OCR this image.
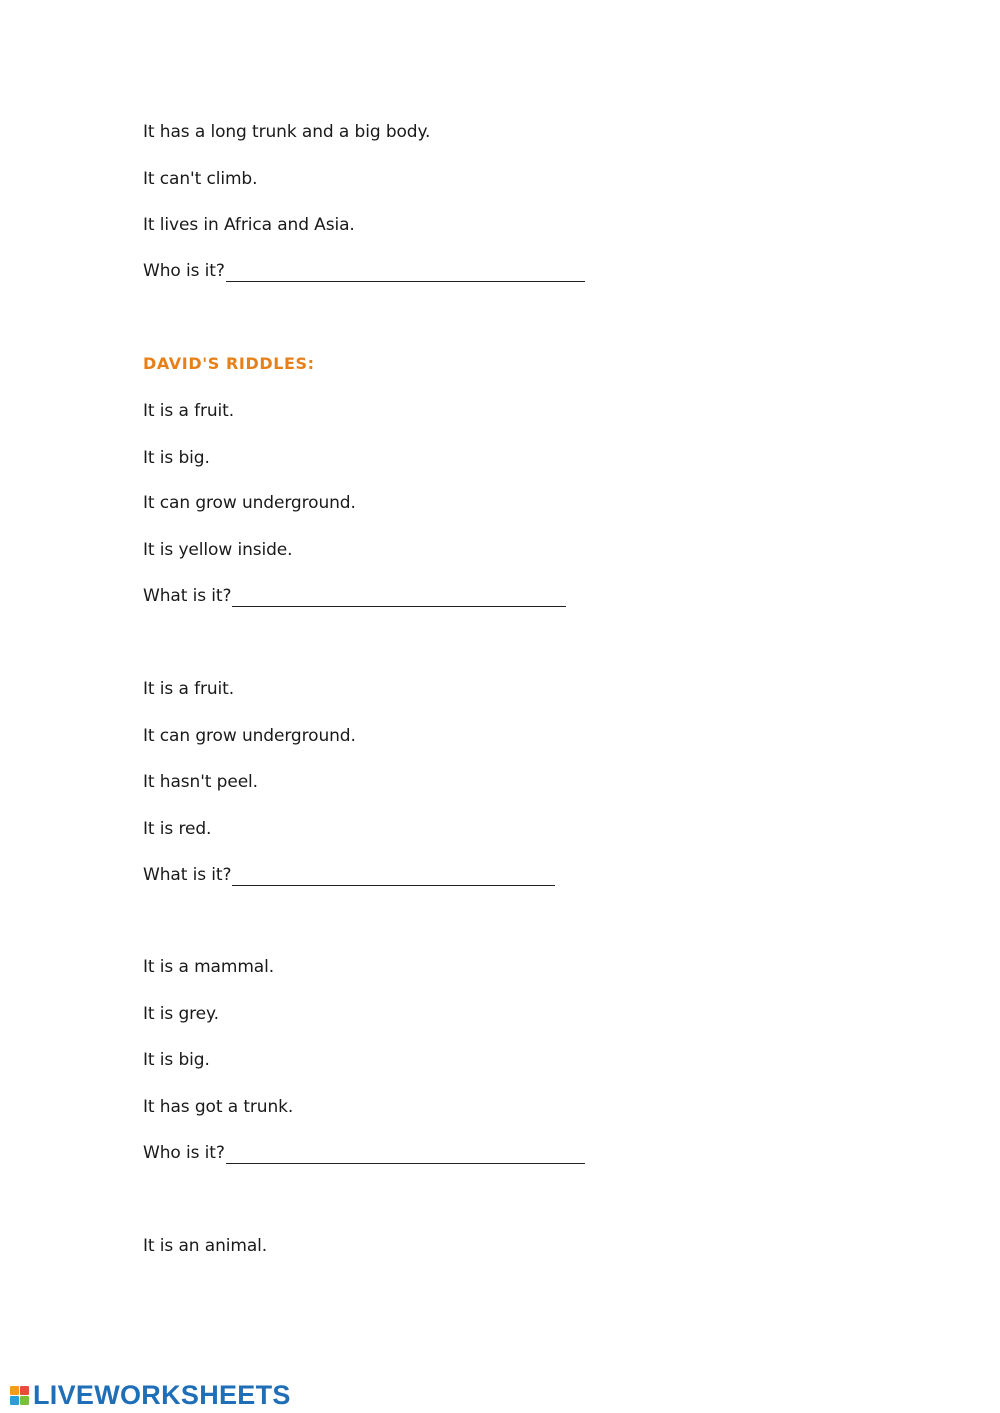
It has a long trunk and a big body.
It can't climb.
It lives in Africa and Asia.
Who is it?
DAVID'S RIDDLES:
It is a fruit.
It is big.
It can grow underground.
It is yellow inside.
What is it?
It is a fruit.
It can grow underground.
It hasn't peel.
It is red.
What is it?
It is a mammal.
It is grey.
It is big.
It has got a trunk.
Who is it?
It is an animal.
LIVEWORKSHEETS
